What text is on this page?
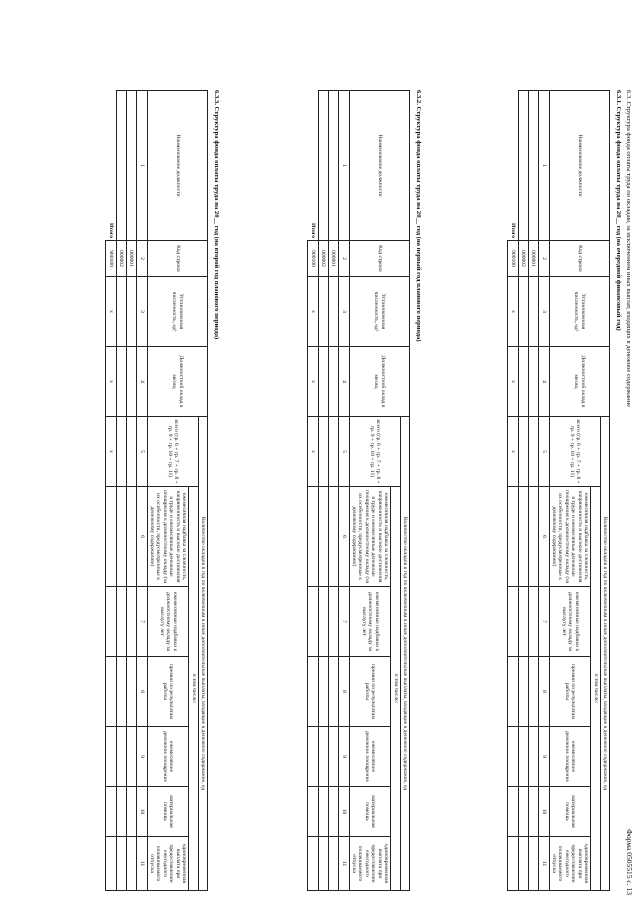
6.3. Структура фонда оплаты труда по окладам, за исключением иных выплат, входящих в денежное содержание
Форма 0505515 с. 13
6.3.1. Структура фонда оплаты труда на 20__ год (на очередной финансовый год)
Наименование должности	Код строки	Установленная численность, ед³	Должностной оклад в месяц	Количество окладов в год по включенным в иные дополнительные выплаты, входящие в денежное содержание, ед						
				всего (гр. 6 + гр. 7 + гр. 8 + гр. 9 + гр. 10 + гр. 11)	в том числе:					
					ежемесячная надбавка за сложность, напряженность и высокие достижения в труде и ежемесячные денежные поощрения к должностному окладу (за их особенности, предусмотренные к денежному содержанию)	ежемесячные надбавки к должностному окладу за выслугу лет	премии по результатам работы	ежемесячное денежное поощрение	материальная помощь	единовременная выплата при предоставлении ежегодного оплачиваемого отпуска
1	2	3	4	5	6	7	8	9	10	11
	000001									
	000002									
Итого	900100	x	x	x						
6.3.2. Структура фонда оплаты труда на 20__ год (на первый год планового периода)
Наименование должности	Код строки	Установленная численность, ед³	Должностной оклад в месяц	Количество окладов в год по включенным в иные дополнительные выплаты, входящие в денежное содержание, ед						
				всего (гр. 6 + гр. 7 + гр. 8 + гр. 9 + гр. 10 + гр. 11)	в том числе:					
					ежемесячная надбавка за сложность, напряженность и высокие достижения в труде и ежемесячные денежные поощрения к должностному окладу (за их особенности, предусмотренные к денежному содержанию)	ежемесячные надбавки к должностному окладу за выслугу лет	премии по результатам работы	ежемесячное денежное поощрение	материальная помощь	единовременная выплата при предоставлении ежегодного оплачиваемого отпуска
1	2	3	4	5	6	7	8	9	10	11
	000001									
	000002									
Итого	900100	x	x	x						
6.3.3. Структура фонда оплаты труда на 20__ год (на второй год планового периода)
Наименование должности	Код строки	Установленная численность, ед³	Должностной оклад в месяц	Количество окладов в год по включенным в иные дополнительные выплаты, входящие в денежное содержание, ед						
				всего (гр. 6 + гр. 7 + гр. 8 + гр. 9 + гр. 10 + гр. 11)	в том числе:					
					ежемесячная надбавка за сложность, напряженность и высокие достижения в труде и ежемесячные денежные поощрения к должностному окладу (за их особенности, предусмотренные к денежному содержанию)	ежемесячные надбавки к должностному окладу за выслугу лет	премии по результатам работы	ежемесячное денежное поощрение	материальная помощь	единовременная выплата при предоставлении ежегодного оплачиваемого отпуска
1	2	3	4	5	6	7	8	9	10	11
	000001									
	000002									
Итого	900100	x	x	x						
